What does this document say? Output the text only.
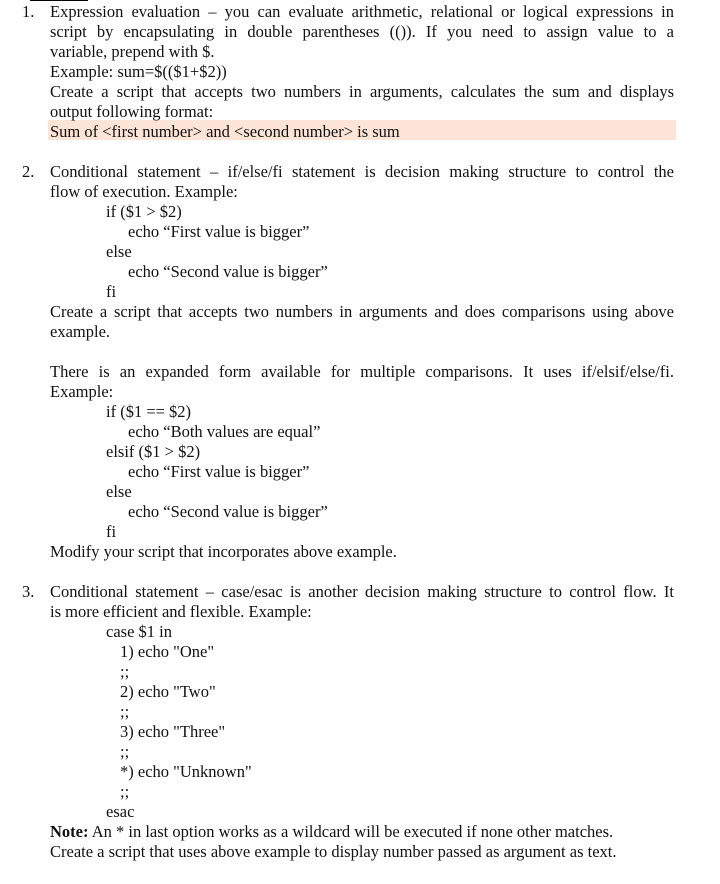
1. Expression evaluation – you can evaluate arithmetic, relational or logical expressions in
script by encapsulating in double parentheses (()). If you need to assign value to a
variable, prepend with $.
Example: sum=$(($1+$2))
Create a script that accepts two numbers in arguments, calculates the sum and displays
output following format:
Sum of <first number> and <second number> is sum
2. Conditional statement – if/else/fi statement is decision making structure to control the
flow of execution. Example:
if ($1 > $2)
echo “First value is bigger”
else
echo “Second value is bigger”
fi
Create a script that accepts two numbers in arguments and does comparisons using above
example.
There is an expanded form available for multiple comparisons. It uses if/elsif/else/fi.
Example:
if ($1 == $2)
echo “Both values are equal”
elsif ($1 > $2)
echo “First value is bigger”
else
echo “Second value is bigger”
fi
Modify your script that incorporates above example.
3. Conditional statement – case/esac is another decision making structure to control flow. It
is more efficient and flexible. Example:
case $1 in
1) echo "One"
;;
2) echo "Two"
;;
3) echo "Three"
;;
*) echo "Unknown"
;;
esac
Note: An * in last option works as a wildcard will be executed if none other matches.
Create a script that uses above example to display number passed as argument as text.
